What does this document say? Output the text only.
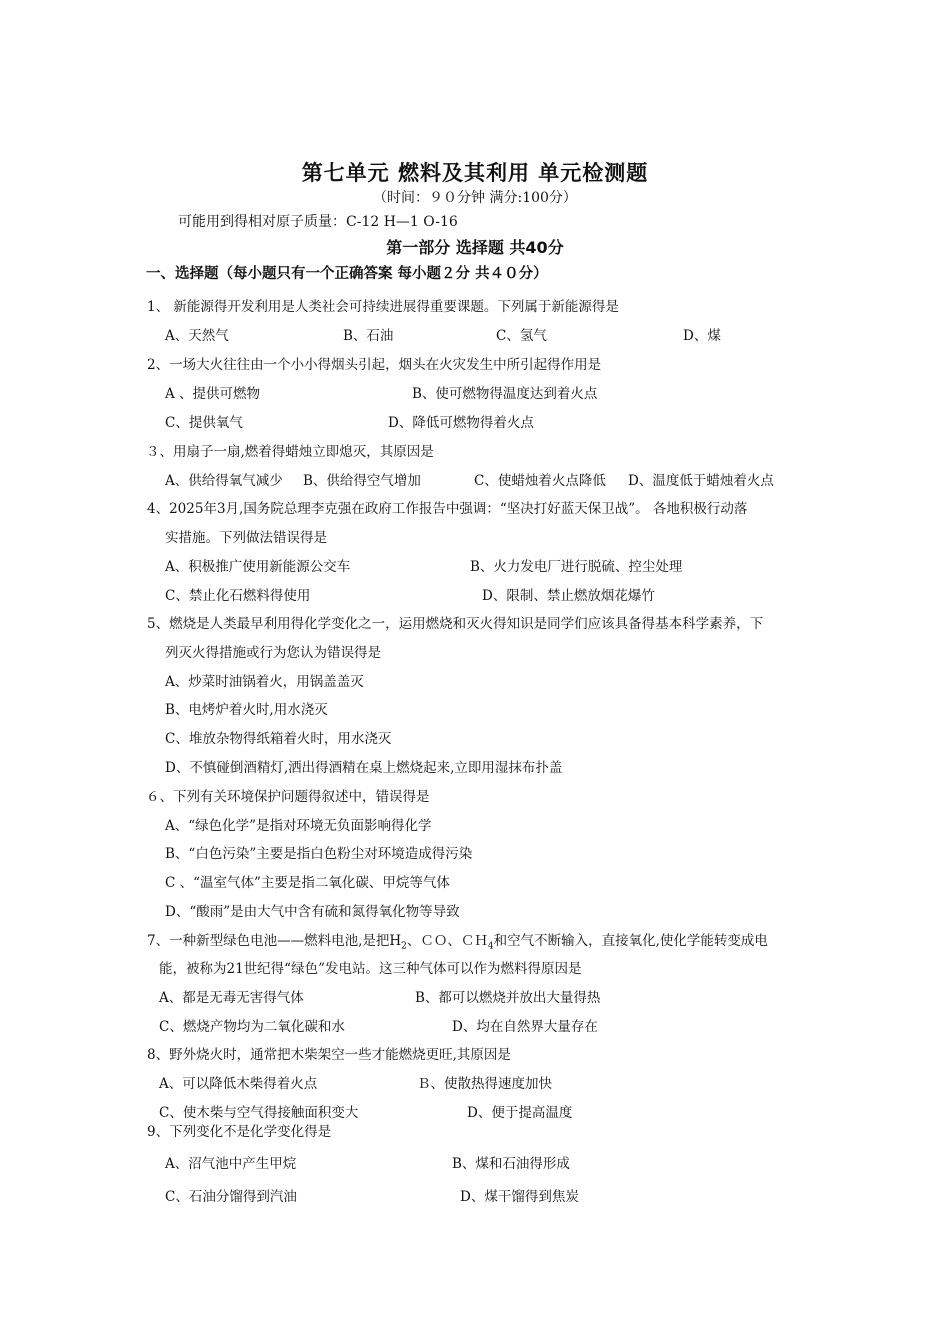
第七单元 燃料及其利用 单元检测题
（时间：９０分钟 满分:100分）
可能用到得相对原子质量：C-12 H—1 O-16
第一部分 选择题 共40分
一、选择题（每小题只有一个正确答案 每小题２分 共４０分）
1、 新能源得开发利用是人类社会可持续进展得重要课题。下列属于新能源得是
A、天然气	B、石油	C、氢气	D、煤
2、一场大火往往由一个小小得烟头引起，烟头在火灾发生中所引起得作用是
A 、提供可燃物	B、使可燃物得温度达到着火点
C、提供氧气	D、降低可燃物得着火点
３、用扇子一扇,燃着得蜡烛立即熄灭，其原因是
A、供给得氧气减少 B、供给得空气增加	C、使蜡烛着火点降低 D、温度低于蜡烛着火点
4、2025年3月,国务院总理李克强在政府工作报告中强调：“坚决打好蓝天保卫战”。 各地积极行动落
实措施。下列做法错误得是
A、积极推广使用新能源公交车	B、火力发电厂进行脱硫、控尘处理
C、禁止化石燃料得使用	D、限制、禁止燃放烟花爆竹
5、燃烧是人类最早利用得化学变化之一，运用燃烧和灭火得知识是同学们应该具备得基本科学素养，下
列灭火得措施或行为您认为错误得是
A、炒菜时油锅着火，用锅盖盖灭
B、电烤炉着火时,用水浇灭
C、堆放杂物得纸箱着火时，用水浇灭
D、不慎碰倒酒精灯,洒出得酒精在桌上燃烧起来,立即用湿抹布扑盖
６、下列有关环境保护问题得叙述中，错误得是
A、“绿色化学”是指对环境无负面影响得化学
B、“白色污染”主要是指白色粉尘对环境造成得污染
C 、“温室气体”主要是指二氧化碳、甲烷等气体
D、“酸雨”是由大气中含有硫和氮得氧化物等导致
7、一种新型绿色电池——燃料电池,是把$H_2$、ＣＯ、ＣＨ$_4$和空气不断输入，直接氧化,使化学能转变成电
能，被称为21世纪得“绿色”发电站。这三种气体可以作为燃料得原因是
A、都是无毒无害得气体	B、都可以燃烧并放出大量得热
C、燃烧产物均为二氧化碳和水	D、均在自然界大量存在
8、野外烧火时，通常把木柴架空一些才能燃烧更旺,其原因是
A、可以降低木柴得着火点	Ｂ、使散热得速度加快
C、使木柴与空气得接触面积变大	D、便于提高温度
9、下列变化不是化学变化得是
A、沼气池中产生甲烷	B、煤和石油得形成
C、石油分馏得到汽油	D、煤干馏得到焦炭
